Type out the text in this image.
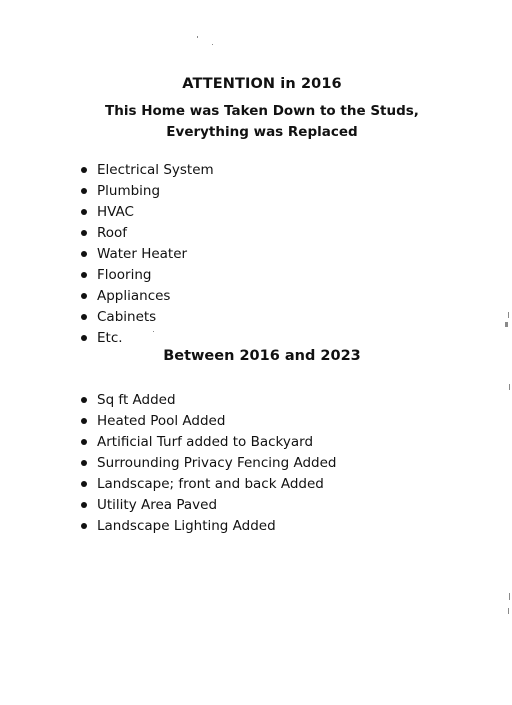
ATTENTION in 2016
This Home was Taken Down to the Studs,
Everything was Replaced
Electrical System
Plumbing
HVAC
Roof
Water Heater
Flooring
Appliances
Cabinets
Etc.
Between 2016 and 2023
Sq ft Added
Heated Pool Added
Artificial Turf added to Backyard
Surrounding Privacy Fencing Added
Landscape; front and back Added
Utility Area Paved
Landscape Lighting Added
